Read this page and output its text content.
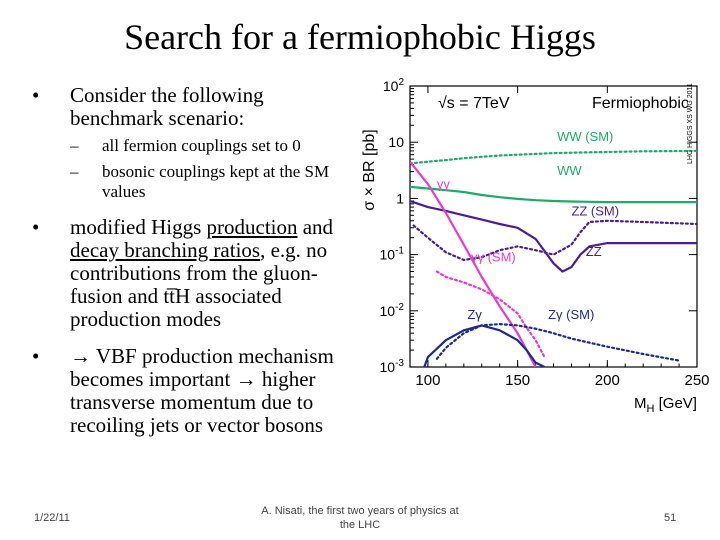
Search for a fermiophobic Higgs
• Consider the following benchmark scenario:
– all fermion couplings set to 0
– bosonic couplings kept at the SM values
• modified Higgs production and decay branching ratios, e.g. no contributions from the gluon-fusion and tt̅H associated production modes
• → VBF production mechanism becomes important → higher transverse momentum due to recoiling jets or vector bosons
100	150	200	250
$10^{-3}$
$10^{-2}$
$10^{-1}$
1
10
$10^2$
WW (SM)
WW
ZZ (SM)
ZZ
γγ
γγ (SM)
Zγ	Zγ (SM)
√s = 7TeV	Fermiophobic
LHC HIGGS XS WG 2011
σ × BR [pb]
$M_H$ [GeV]
1/22/11
A. Nisati, the first two years of physics at
the LHC
51
